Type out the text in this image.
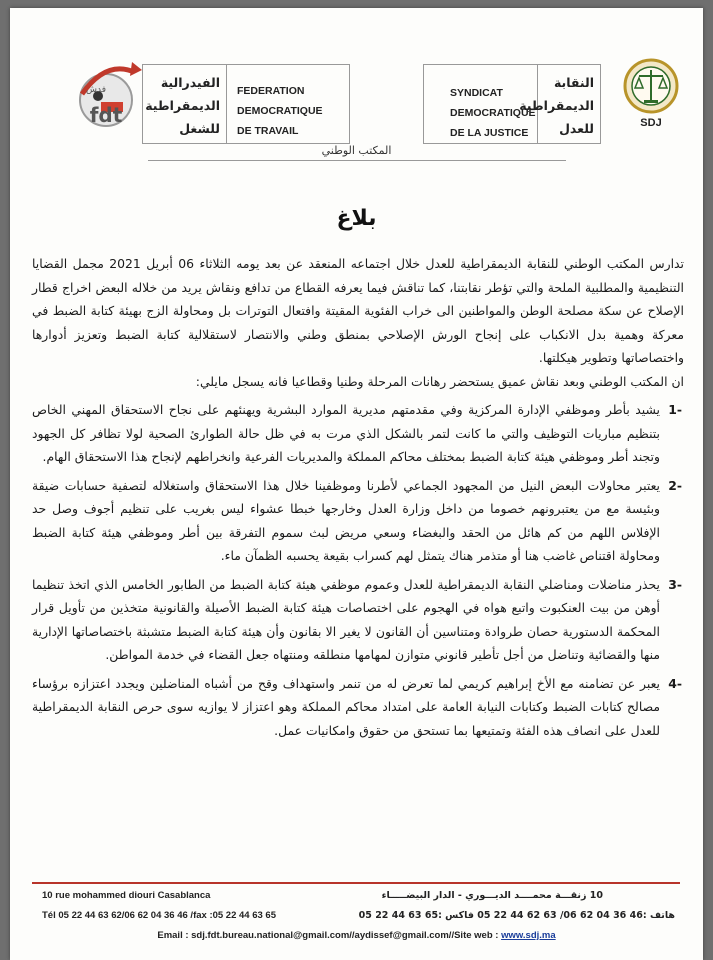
fdt
فدش	الفيدرالية الديمقراطية للشغل
FEDERATION
DEMOCRATIQUE
DE TRAVAIL
SYNDICAT
DEMOCRATIQUE
DE LA JUSTICE
النقابة الديمقراطية للعدل	SDJ
المكتب الوطني
بلاغ

تدارس المكتب الوطني للنقابة الديمقراطية للعدل خلال اجتماعه المنعقد عن بعد يومه الثلاثاء 06 أبريل 2021 مجمل القضايا التنظيمية والمطلبية الملحة والتي تؤطر نقابتنا، كما تناقش فيما يعرفه القطاع من تدافع ونقاش يريد من خلاله البعض اخراج قطار الإصلاح عن سكة مصلحة الوطن والمواطنين الى خراب الفئوية المقيتة وافتعال التوترات بل ومحاولة الزج بهيئة كتابة الضبط في معركة وهمية بدل الانكباب على إنجاح الورش الإصلاحي بمنطق وطني والانتصار لاستقلالية كتابة الضبط وتعزيز أدوارها واختصاصاتها وتطوير هيكلتها.

ان المكتب الوطني وبعد نقاش عميق يستحضر رهانات المرحلة وطنيا وقطاعيا فانه يسجل مايلي:

-1
يشيد بأطر وموظفي الإدارة المركزية وفي مقدمتهم مديرية الموارد البشرية ويهنئهم على نجاح الاستحقاق المهني الخاص بتنظيم مباريات التوظيف والتي ما كانت لتمر بالشكل الذي مرت به في ظل حالة الطوارئ الصحية لولا تظافر كل الجهود وتجند أطر وموظفي هيئة كتابة الضبط بمختلف محاكم المملكة والمديريات الفرعية وانخراطهم لإنجاح هذا الاستحقاق الهام.
-2
يعتبر محاولات البعض النيل من المجهود الجماعي لأطرنا وموظفينا خلال هذا الاستحقاق واستغلاله لتصفية حسابات ضيقة وبئيسة مع من يعتبرونهم خصوما من داخل وزارة العدل وخارجها خبطا عشواء ليس بغريب على تنظيم أجوف وصل حد الإفلاس اللهم من كم هائل من الحقد والبغضاء وسعي مريض لبث سموم التفرقة بين أطر وموظفي هيئة كتابة الضبط ومحاولة اقتناص غاضب هنا أو متذمر هناك يتمثل لهم كسراب بقيعة يحسبه الظمآن ماء.
-3
يحذر مناضلات ومناضلي النقابة الديمقراطية للعدل وعموم موظفي هيئة كتابة الضبط من الطابور الخامس الذي اتخذ تنظيما أوهن من بيت العنكبوت واتبع هواه في الهجوم على اختصاصات هيئة كتابة الضبط الأصيلة والقانونية متخذين من تأويل قرار المحكمة الدستورية حصان طروادة ومتناسين أن القانون لا يغير الا بقانون وأن هيئة كتابة الضبط متشبثة باختصاصاتها الإدارية منها والقضائية وتناضل من أجل تأطير قانوني متوازن لمهامها منطلقه ومنتهاه جعل القضاء في خدمة المواطن.
-4
يعبر عن تضامنه مع الأخ إبراهيم كريمي لما تعرض له من تنمر واستهداف وقح من أشباه المناضلين ويجدد اعتزازه برؤساء مصالح كتابات الضبط وكتابات النيابة العامة على امتداد محاكم المملكة وهو اعتزاز لا يوازيه سوى حرص النقابة الديمقراطية للعدل على انصاف هذه الفئة وتمتيعها بما تستحق من حقوق وامكانيات عمل.
10 rue mohammed diouri Casablanca	10 زنقـــة محمــــد الديـــوري - الدار البيضـــــاء
Tél 05 22 44 63 62/06 62 04 36 46 /fax :05 22 44 63 65	هاتف :46 36 04 62 06/ 63 62 44 22 05 فاكس :65 63 44 22 05
Email : sdj.fdt.bureau.national@gmail.com//aydissef@gmail.com//Site web : www.sdj.ma
